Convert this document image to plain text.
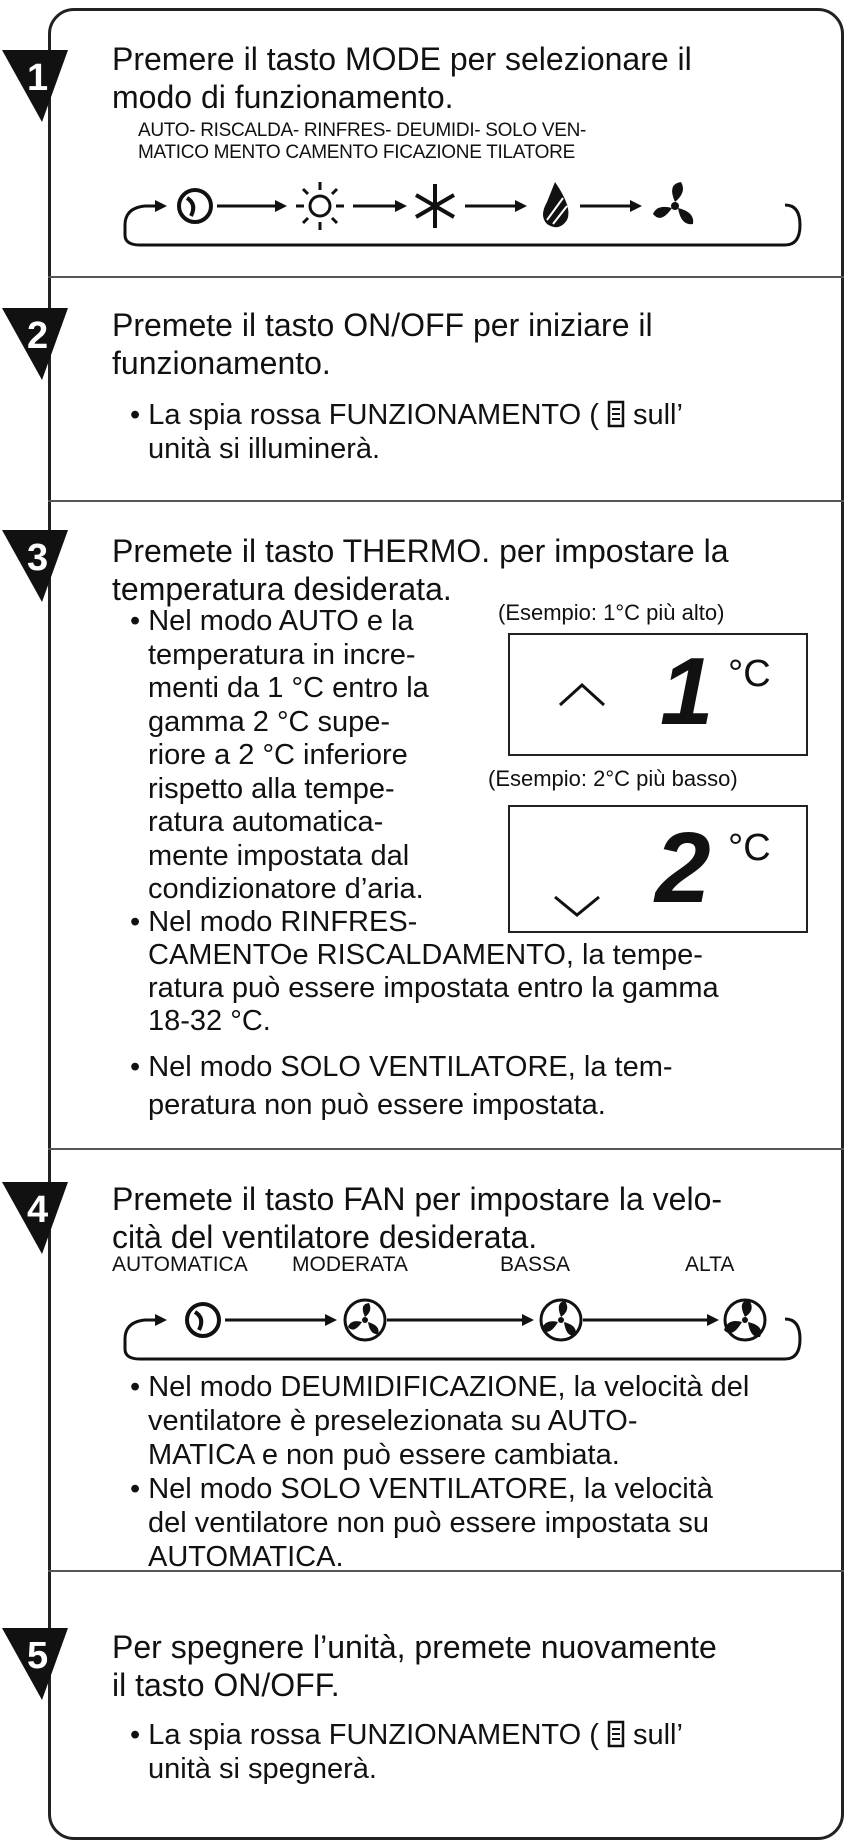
1 Premere il tasto MODE per selezionare il
modo di funzionamento.
AUTO- RISCALDA- RINFRES- DEUMIDI- SOLO VEN-
MATICO MENTO CAMENTO FICAZIONE TILATORE
2 Premete il tasto ON/OFF per iniziare il
funzionamento.
• La spia rossa FUNZIONAMENTO ( sull’
unità si illuminerà.
3 Premete il tasto THERMO. per impostare la
temperatura desiderata.
• Nel modo AUTO e la
temperatura in incre-
menti da 1 °C entro la
gamma 2 °C supe-
riore a 2 °C inferiore
rispetto alla tempe-
ratura automatica-
mente impostata dal
condizionatore d’aria.
(Esempio: 1°C più alto)
1 °C
(Esempio: 2°C più basso)
2 °C
• Nel modo RINFRES-
CAMENTOe RISCALDAMENTO, la tempe-
ratura può essere impostata entro la gamma
18-32 °C.
• Nel modo SOLO VENTILATORE, la tem-
peratura non può essere impostata.
4 Premete il tasto FAN per impostare la velo-
cità del ventilatore desiderata.
AUTOMATICA MODERATA	BASSA	ALTA
• Nel modo DEUMIDIFICAZIONE, la velocità del
ventilatore è preselezionata su AUTO-
MATICA e non può essere cambiata.
• Nel modo SOLO VENTILATORE, la velocità
del ventilatore non può essere impostata su
AUTOMATICA.
5 Per spegnere l’unità, premete nuovamente
il tasto ON/OFF.
• La spia rossa FUNZIONAMENTO ( sull’
unità si spegnerà.
